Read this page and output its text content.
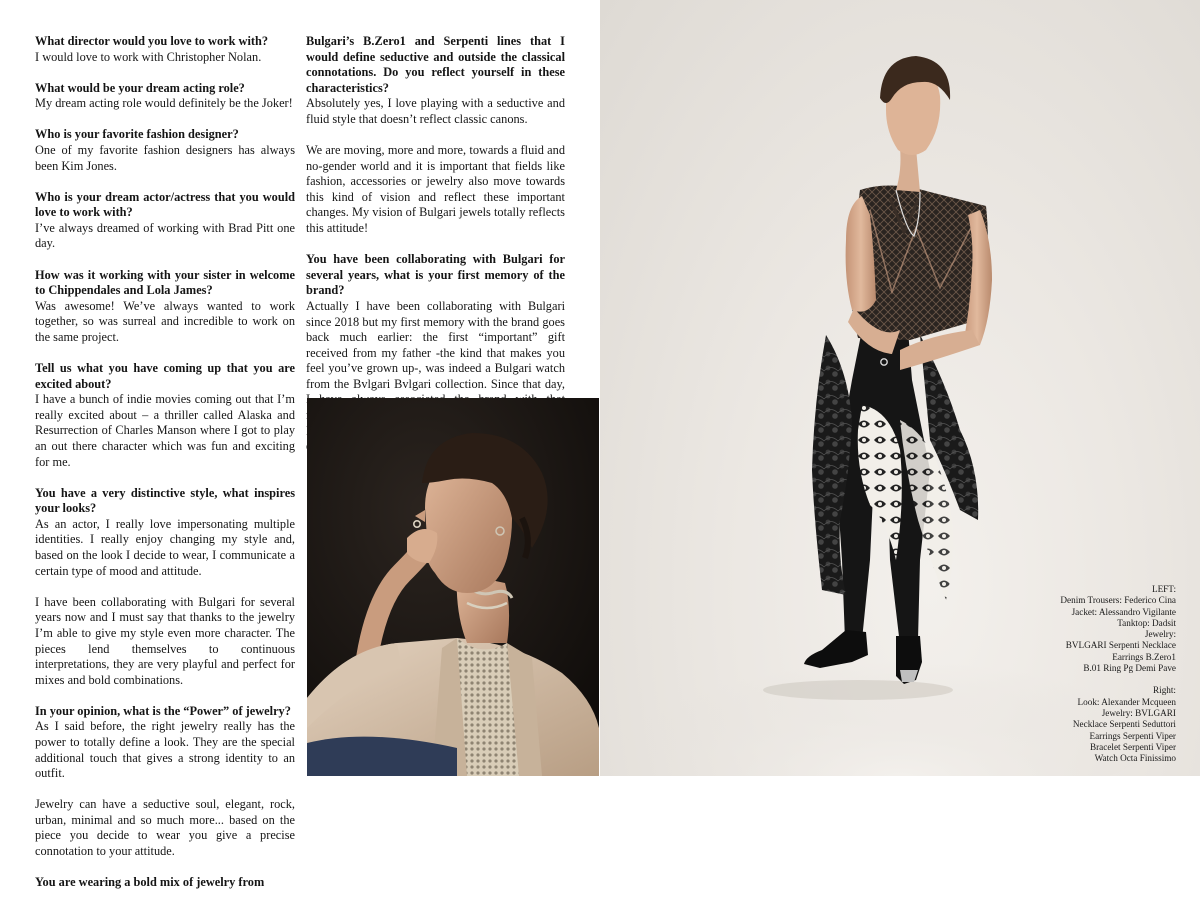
What director would you love to work with?

I would love to work with Christopher Nolan.

What would be your dream acting role?

My dream acting role would definitely be the Joker!

Who is your favorite fashion designer?

One of my favorite fashion designers has always been Kim Jones.

Who is your dream actor/actress that you would love to work with?

I’ve always dreamed of working with Brad Pitt one day.

How was it working with your sister in welcome to Chippendales and Lola James?

Was awesome! We’ve always wanted to work together, so was surreal and incredible to work on the same project.

Tell us what you have coming up that you are excited about?

I have a bunch of indie movies coming out that I’m really excited about – a thriller called Alaska and Resurrection of Charles Manson where I got to play an out there character which was fun and exciting for me.

You have a very distinctive style, what inspires your looks?

As an actor, I really love impersonating multiple identities. I really enjoy changing my style and, based on the look I decide to wear, I communicate a certain type of mood and attitude.

I have been collaborating with Bulgari for several years now and I must say that thanks to the jewelry I’m able to give my style even more character. The pieces lend themselves to continuous interpretations, they are very playful and perfect for mixes and bold combinations.

In your opinion, what is the “Power” of jewelry?

As I said before, the right jewelry really has the power to totally define a look. They are the special additional touch that gives a strong identity to an outfit.

Jewelry can have a seductive soul, elegant, rock, urban, minimal and so much more... based on the piece you decide to wear you give a precise connotation to your attitude.

You are wearing a bold mix of jewelry from

Bulgari’s B.Zero1 and Serpenti lines that I would define seductive and outside the classical connotations. Do you reflect yourself in these characteristics?

Absolutely yes, I love playing with a seductive and fluid style that doesn’t reflect classic canons.

We are moving, more and more, towards a fluid and no-gender world and it is important that fields like fashion, accessories or jewelry also move towards this kind of vision and reflect these important changes. My vision of Bulgari jewels totally reflects this attitude!

You have been collaborating with Bulgari for several years, what is your first memory of the brand?

Actually I have been collaborating with Bulgari since 2018 but my first memory with the brand goes back much earlier: the first “important” gift received from my father -the kind that makes you feel you’ve grown up-, was indeed a Bulgari watch from the Bvlgari Bvlgari collection. Since that day,

LEFT:
Denim Trousers: Federico Cina
Jacket: Alessandro Vigilante
Tanktop: Dadsit
Jewelry:
BVLGARI Serpenti Necklace
Earrings B.Zero1
B.01 Ring Pg Demi Pave
Right:
Look: Alexander Mcqueen
Jewelry: BVLGARI
Necklace Serpenti Seduttori
Earrings Serpenti Viper
Bracelet Serpenti Viper
Watch Octa Finissimo
